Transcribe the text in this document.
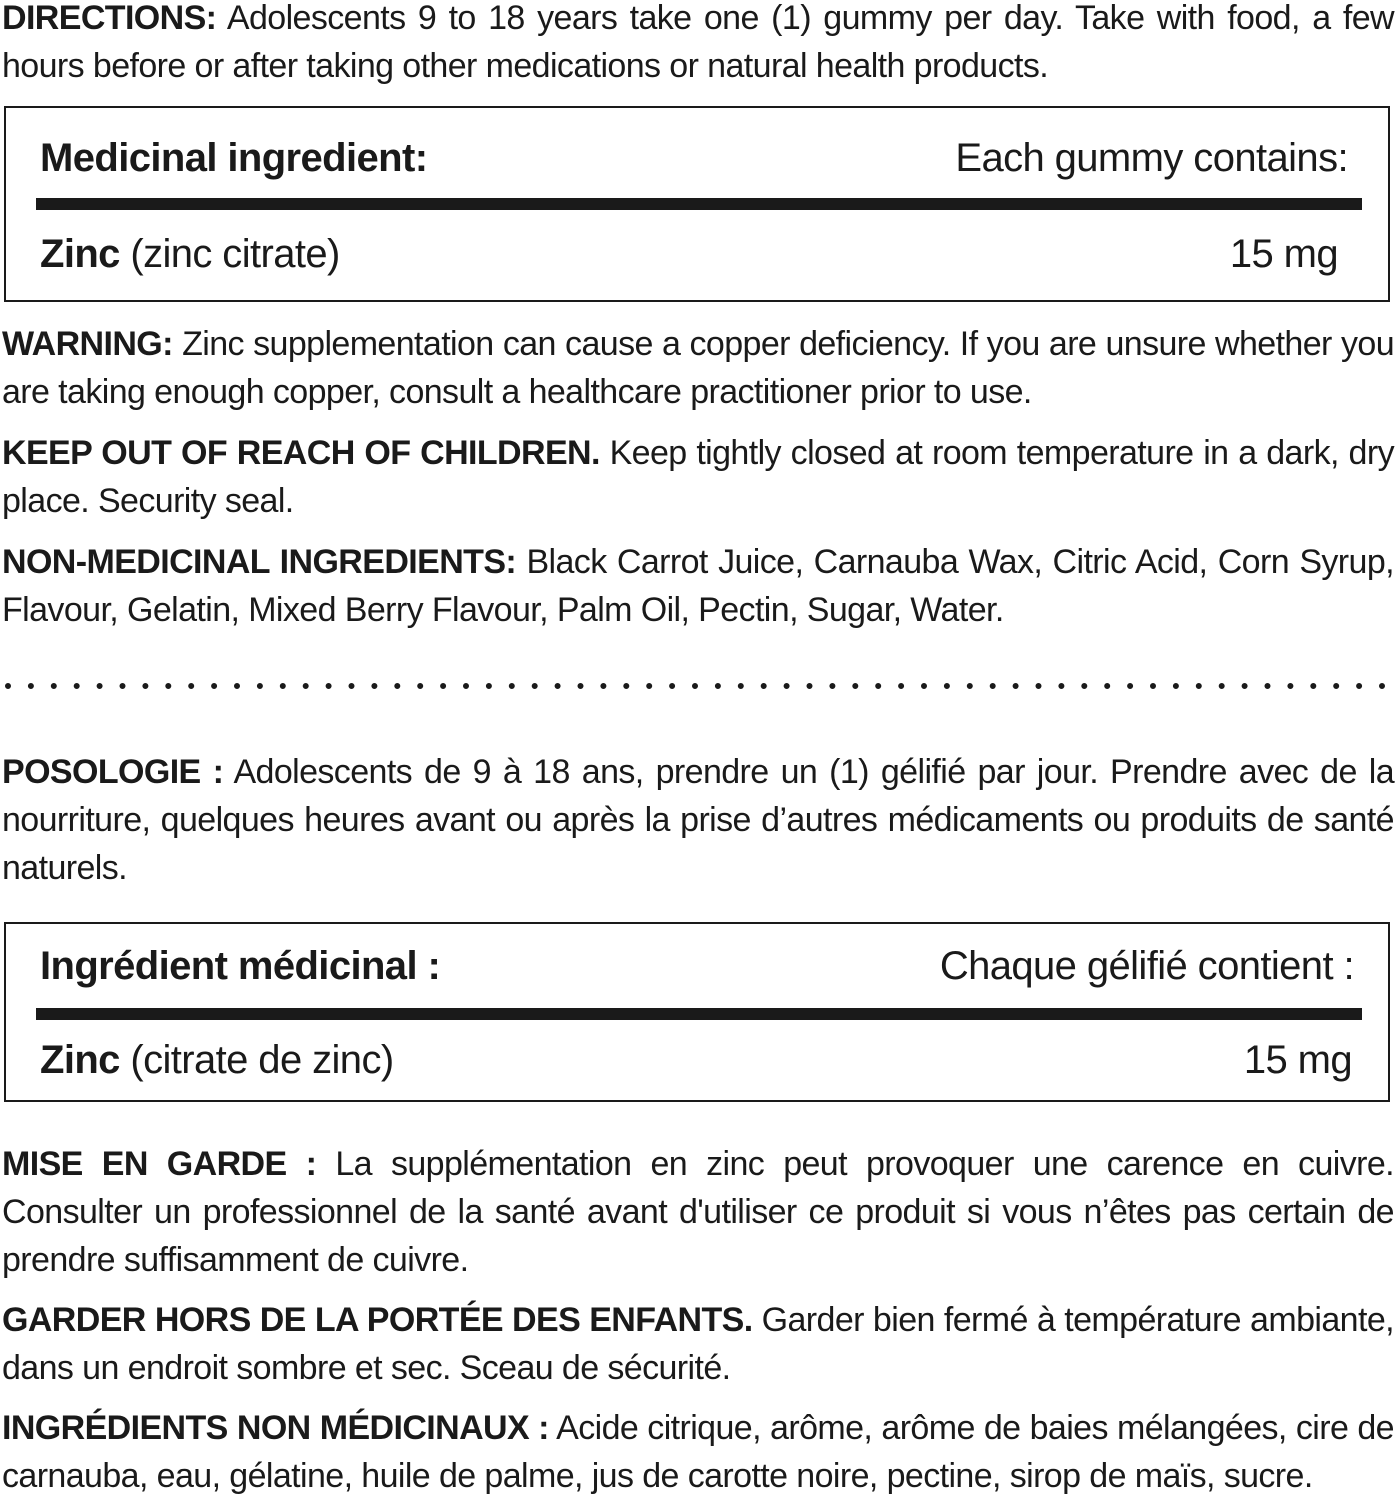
DIRECTIONS: Adolescents 9 to 18 years take one (1) gummy per day. Take with food, a few hours before or after taking other medications or natural health products.

Medicinal ingredient:	Each gummy contains:
Zinc (zinc citrate)	15 mg

WARNING: Zinc supplementation can cause a copper deficiency. If you are unsure whether you are taking enough copper, consult a healthcare practitioner prior to use.

KEEP OUT OF REACH OF CHILDREN. Keep tightly closed at room temperature in a dark, dry place. Security seal.

NON-MEDICINAL INGREDIENTS: Black Carrot Juice, Carnauba Wax, Citric Acid, Corn Syrup, Flavour, Gelatin, Mixed Berry Flavour, Palm Oil, Pectin, Sugar, Water.

POSOLOGIE : Adolescents de 9 à 18 ans, prendre un (1) gélifié par jour. Prendre avec de la nourriture, quelques heures avant ou après la prise d’autres médicaments ou produits de santé naturels.

Ingrédient médicinal :	Chaque gélifié contient :
Zinc (citrate de zinc)	15 mg

MISE EN GARDE : La supplémentation en zinc peut provoquer une carence en cuivre. Consulter un professionnel de la santé avant d'utiliser ce produit si vous n’êtes pas certain de prendre suffisamment de cuivre.

GARDER HORS DE LA PORTÉE DES ENFANTS. Garder bien fermé à température ambiante, dans un endroit sombre et sec. Sceau de sécurité.

INGRÉDIENTS NON MÉDICINAUX : Acide citrique, arôme, arôme de baies mélangées, cire de carnauba, eau, gélatine, huile de palme, jus de carotte noire, pectine, sirop de maïs, sucre.
